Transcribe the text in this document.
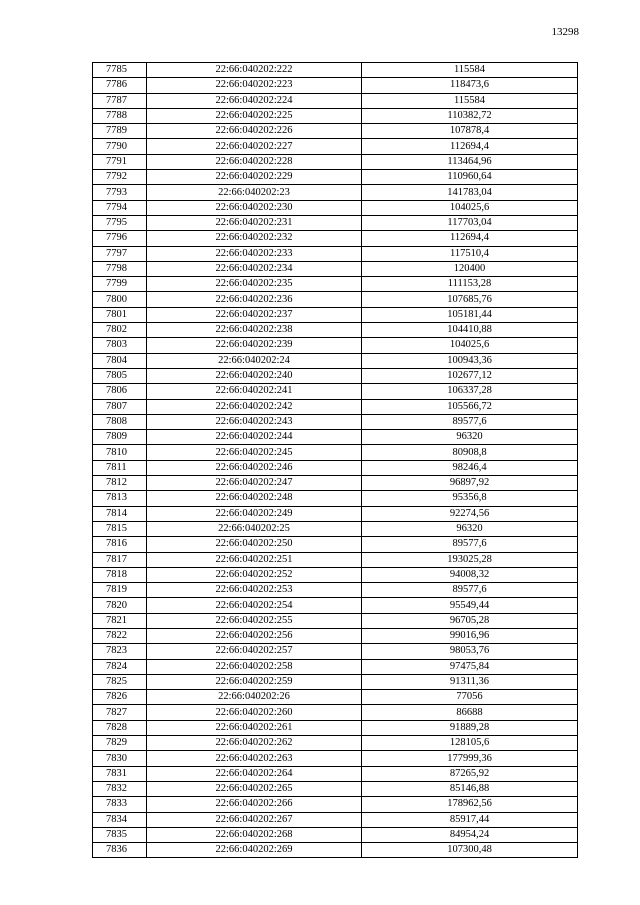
13298
7785	22:66:040202:222	115584
7786	22:66:040202:223	118473,6
7787	22:66:040202:224	115584
7788	22:66:040202:225	110382,72
7789	22:66:040202:226	107878,4
7790	22:66:040202:227	112694,4
7791	22:66:040202:228	113464,96
7792	22:66:040202:229	110960,64
7793	22:66:040202:23	141783,04
7794	22:66:040202:230	104025,6
7795	22:66:040202:231	117703,04
7796	22:66:040202:232	112694,4
7797	22:66:040202:233	117510,4
7798	22:66:040202:234	120400
7799	22:66:040202:235	111153,28
7800	22:66:040202:236	107685,76
7801	22:66:040202:237	105181,44
7802	22:66:040202:238	104410,88
7803	22:66:040202:239	104025,6
7804	22:66:040202:24	100943,36
7805	22:66:040202:240	102677,12
7806	22:66:040202:241	106337,28
7807	22:66:040202:242	105566,72
7808	22:66:040202:243	89577,6
7809	22:66:040202:244	96320
7810	22:66:040202:245	80908,8
7811	22:66:040202:246	98246,4
7812	22:66:040202:247	96897,92
7813	22:66:040202:248	95356,8
7814	22:66:040202:249	92274,56
7815	22:66:040202:25	96320
7816	22:66:040202:250	89577,6
7817	22:66:040202:251	193025,28
7818	22:66:040202:252	94008,32
7819	22:66:040202:253	89577,6
7820	22:66:040202:254	95549,44
7821	22:66:040202:255	96705,28
7822	22:66:040202:256	99016,96
7823	22:66:040202:257	98053,76
7824	22:66:040202:258	97475,84
7825	22:66:040202:259	91311,36
7826	22:66:040202:26	77056
7827	22:66:040202:260	86688
7828	22:66:040202:261	91889,28
7829	22:66:040202:262	128105,6
7830	22:66:040202:263	177999,36
7831	22:66:040202:264	87265,92
7832	22:66:040202:265	85146,88
7833	22:66:040202:266	178962,56
7834	22:66:040202:267	85917,44
7835	22:66:040202:268	84954,24
7836	22:66:040202:269	107300,48
